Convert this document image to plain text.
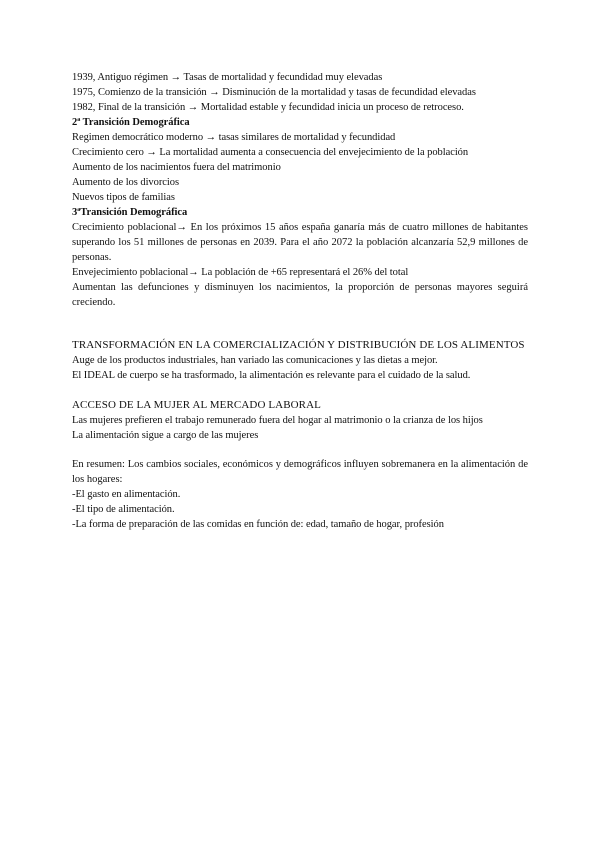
1939, Antiguo régimen → Tasas de mortalidad y fecundidad muy elevadas
1975, Comienzo de la transición → Disminución de la mortalidad y tasas de fecundidad elevadas
1982, Final de la transición → Mortalidad estable y fecundidad inicia un proceso de retroceso.
2ª Transición Demográfica
Regimen democrático moderno → tasas similares de mortalidad y fecundidad
Crecimiento cero → La mortalidad aumenta a consecuencia del envejecimiento de la población
Aumento de los nacimientos fuera del matrimonio
Aumento de los divorcios
Nuevos tipos de familias
3ªTransición Demográfica
Crecimiento poblacional→ En los próximos 15 años españa ganaría más de cuatro millones de habitantes superando los 51 millones de personas en 2039. Para el año 2072 la población alcanzaría 52,9 millones de personas.
Envejecimiento poblacional→ La población de +65 representará el 26% del total
Aumentan las defunciones y disminuyen los nacimientos, la proporción de personas mayores seguirá creciendo.
TRANSFORMACIÓN EN LA COMERCIALIZACIÓN Y DISTRIBUCIÓN DE LOS ALIMENTOS
Auge de los productos industriales, han variado las comunicaciones y las dietas a mejor.
El IDEAL de cuerpo se ha trasformado, la alimentación es relevante para el cuidado de la salud.
ACCESO DE LA MUJER AL MERCADO LABORAL
Las mujeres prefieren el trabajo remunerado fuera del hogar al matrimonio o la crianza de los hijos
La alimentación sigue a cargo de las mujeres
En resumen: Los cambios sociales, económicos y demográficos influyen sobremanera en la alimentación de los hogares:
-El gasto en alimentación.
-El tipo de alimentación.
-La forma de preparación de las comidas en función de: edad, tamaño de hogar, profesión
